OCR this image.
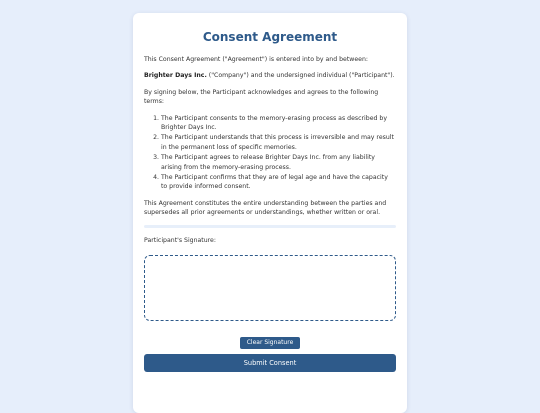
Consent Agreement

This Consent Agreement ("Agreement") is entered into by and between:

Brighter Days Inc. ("Company") and the undersigned individual ("Participant").

By signing below, the Participant acknowledges and agrees to the following terms:

1. The Participant consents to the memory-erasing process as described by Brighter Days Inc.
2. The Participant understands that this process is irreversible and may result in the permanent loss of specific memories.
3. The Participant agrees to release Brighter Days Inc. from any liability arising from the memory-erasing process.
4. The Participant confirms that they are of legal age and have the capacity to provide informed consent.

This Agreement constitutes the entire understanding between the parties and supersedes all prior agreements or understandings, whether written or oral.

Participant's Signature:
Clear Signature
Submit Consent
